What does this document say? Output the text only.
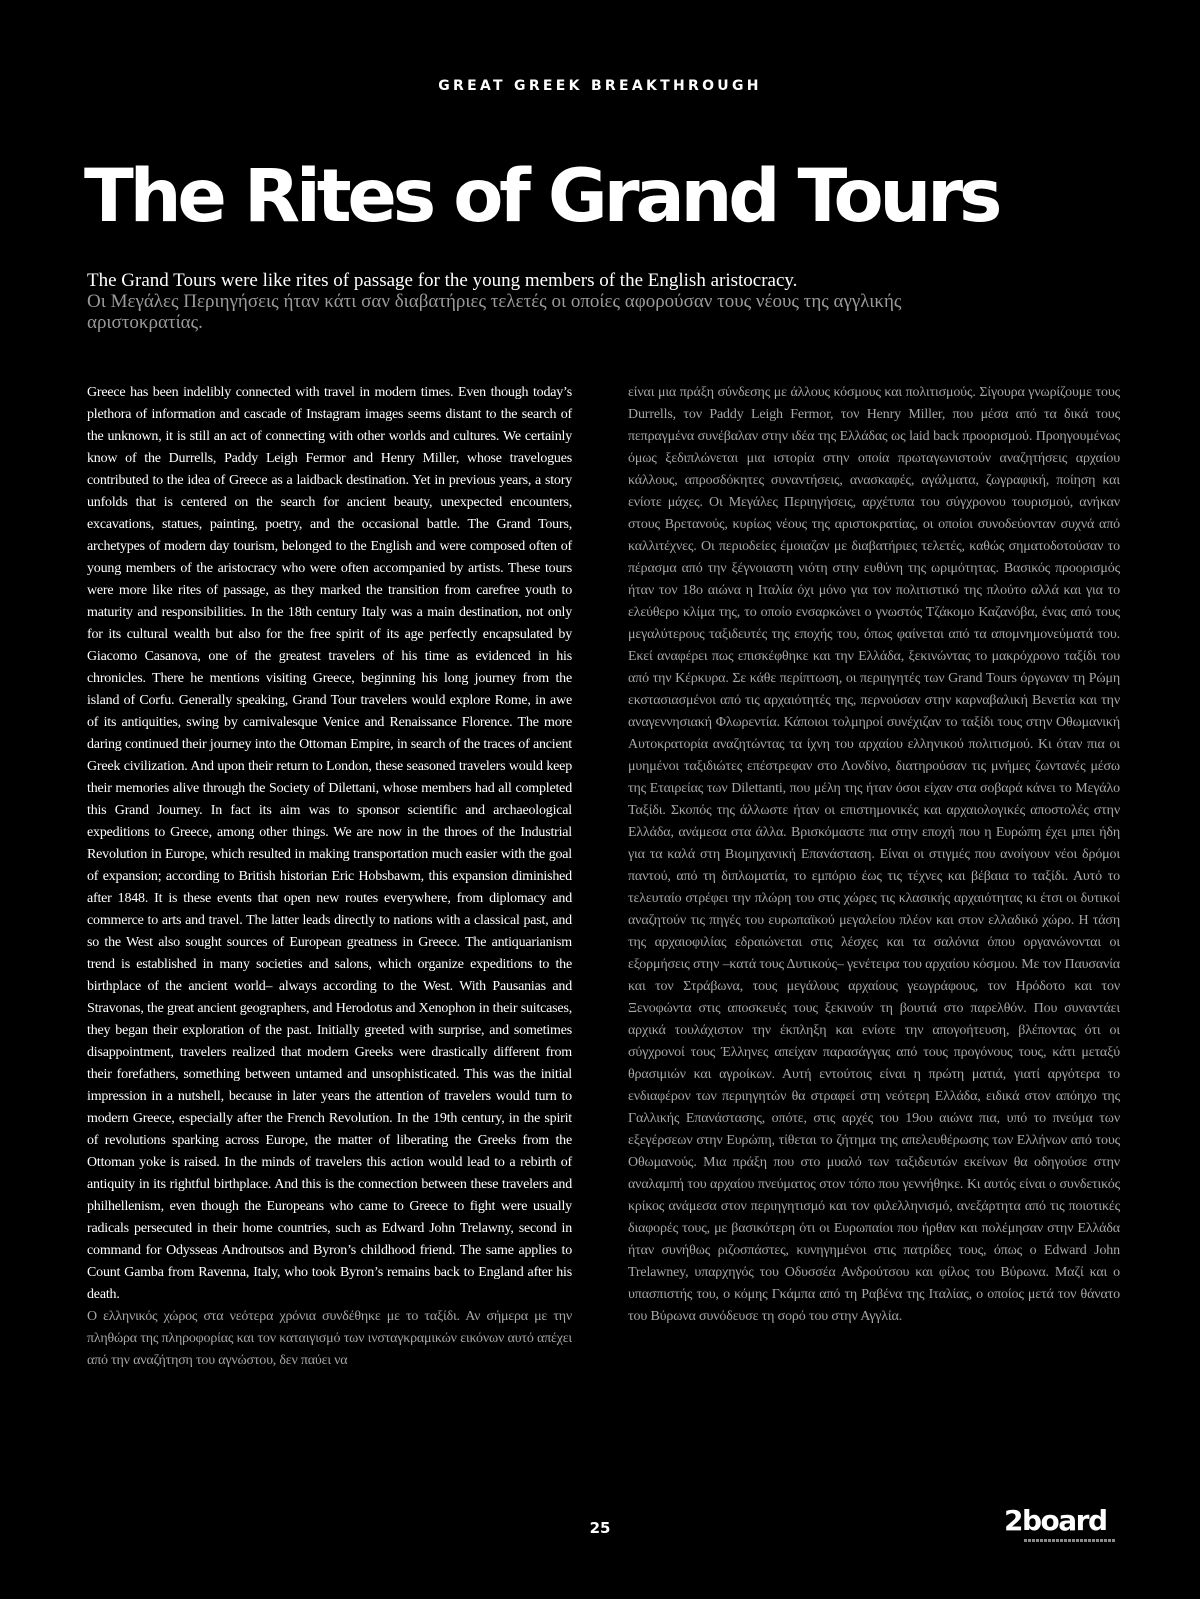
GREAT GREEK BREAKTHROUGH
The Rites of Grand Tours
The Grand Tours were like rites of passage for the young members of the English aristocracy.
Οι Μεγάλες Περιηγήσεις ήταν κάτι σαν διαβατήριες τελετές οι οποίες αφορούσαν τους νέους της αγγλικής αριστοκρατίας.

Greece has been indelibly connected with travel in modern times. Even though today’s plethora of information and cascade of Instagram images seems distant to the search of the unknown, it is still an act of connecting with other worlds and cultures. We certainly know of the Durrells, Paddy Leigh Fermor and Henry Miller, whose travelogues contributed to the idea of Greece as a laidback destination. Yet in previous years, a story unfolds that is centered on the search for ancient beauty, unexpected encounters, excavations, statues, painting, poetry, and the occasional battle. The Grand Tours, archetypes of modern day tourism, belonged to the English and were composed often of young members of the aristocracy who were often accompanied by artists. These tours were more like rites of passage, as they marked the transition from carefree youth to maturity and responsibilities. In the 18th century Italy was a main destination, not only for its cultural wealth but also for the free spirit of its age perfectly encapsulated by Giacomo Casanova, one of the greatest travelers of his time as evidenced in his chronicles. There he mentions visiting Greece, beginning his long journey from the island of Corfu. Generally speaking, Grand Tour travelers would explore Rome, in awe of its antiquities, swing by carnivalesque Venice and Renaissance Florence. The more daring continued their journey into the Ottoman Empire, in search of the traces of ancient Greek civilization. And upon their return to London, these seasoned travelers would keep their memories alive through the Society of Dilettani, whose members had all completed this Grand Journey. In fact its aim was to sponsor scientific and archaeological expeditions to Greece, among other things. We are now in the throes of the Industrial Revolution in Europe, which resulted in making transportation much easier with the goal of expansion; according to British historian Eric Hobsbawm, this expansion diminished after 1848. It is these events that open new routes everywhere, from diplomacy and commerce to arts and travel. The latter leads directly to nations with a classical past, and so the West also sought sources of European greatness in Greece. The antiquarianism trend is established in many societies and salons, which organize expeditions to the birthplace of the ancient world– always according to the West. With Pausanias and Stravonas, the great ancient geographers, and Herodotus and Xenophon in their suitcases, they began their exploration of the past. Initially greeted with surprise, and sometimes disappointment, travelers realized that modern Greeks were drastically different from their forefathers, something between untamed and unsophisticated. This was the initial impression in a nutshell, because in later years the attention of travelers would turn to modern Greece, especially after the French Revolution. In the 19th century, in the spirit of revolutions sparking across Europe, the matter of liberating the Greeks from the Ottoman yoke is raised. In the minds of travelers this action would lead to a rebirth of antiquity in its rightful birthplace. And this is the connection between these travelers and philhellenism, even though the Europeans who came to Greece to fight were usually radicals persecuted in their home countries, such as Edward John Trelawny, second in command for Odysseas Androutsos and Byron’s childhood friend. The same applies to Count Gamba from Ravenna, Italy, who took Byron’s remains back to England after his death.

Ο ελληνικός χώρος στα νεότερα χρόνια συνδέθηκε με το ταξίδι. Αν σήμερα με την πληθώρα της πληροφορίας και τον καταιγισμό των ινσταγκραμικών εικόνων αυτό απέχει από την αναζήτηση του αγνώστου, δεν παύει να

είναι μια πράξη σύνδεσης με άλλους κόσμους και πολιτισμούς. Σίγουρα γνωρίζουμε τους Durrells, τον Paddy Leigh Fermor, τον Henry Miller, που μέσα από τα δικά τους πεπραγμένα συνέβαλαν στην ιδέα της Ελλάδας ως laid back προορισμού. Προηγουμένως όμως ξεδιπλώνεται μια ιστορία στην οποία πρωταγωνιστούν αναζητήσεις αρχαίου κάλλους, απροσδόκητες συναντήσεις, ανασκαφές, αγάλματα, ζωγραφική, ποίηση και ενίοτε μάχες. Οι Μεγάλες Περιηγήσεις, αρχέτυπα του σύγχρονου τουρισμού, ανήκαν στους Βρετανούς, κυρίως νέους της αριστοκρατίας, οι οποίοι συνοδεύονταν συχνά από καλλιτέχνες. Οι περιοδείες έμοιαζαν με διαβατήριες τελετές, καθώς σηματοδοτούσαν το πέρασμα από την ξέγνοιαστη νιότη στην ευθύνη της ωριμότητας. Βασικός προορισμός ήταν τον 18ο αιώνα η Ιταλία όχι μόνο για τον πολιτιστικό της πλούτο αλλά και για το ελεύθερο κλίμα της, το οποίο ενσαρκώνει ο γνωστός Τζάκομο Καζανόβα, ένας από τους μεγαλύτερους ταξιδευτές της εποχής του, όπως φαίνεται από τα απομνημονεύματά του. Εκεί αναφέρει πως επισκέφθηκε και την Ελλάδα, ξεκινώντας το μακρόχρονο ταξίδι του από την Κέρκυρα. Σε κάθε περίπτωση, οι περιηγητές των Grand Tours όργωναν τη Ρώμη εκστασιασμένοι από τις αρχαιότητές της, περνούσαν στην καρναβαλική Βενετία και την αναγεννησιακή Φλωρεντία. Κάποιοι τολμηροί συνέχιζαν το ταξίδι τους στην Οθωμανική Αυτοκρατορία αναζητώντας τα ίχνη του αρχαίου ελληνικού πολιτισμού. Κι όταν πια οι μυημένοι ταξιδιώτες επέστρεφαν στο Λονδίνο, διατηρούσαν τις μνήμες ζωντανές μέσω της Εταιρείας των Dilettanti, που μέλη της ήταν όσοι είχαν στα σοβαρά κάνει το Μεγάλο Ταξίδι. Σκοπός της άλλωστε ήταν οι επιστημονικές και αρχαιολογικές αποστολές στην Ελλάδα, ανάμεσα στα άλλα. Βρισκόμαστε πια στην εποχή που η Ευρώπη έχει μπει ήδη για τα καλά στη Βιομηχανική Επανάσταση. Είναι οι στιγμές που ανοίγουν νέοι δρόμοι παντού, από τη διπλωματία, το εμπόριο έως τις τέχνες και βέβαια το ταξίδι. Αυτό το τελευταίο στρέφει την πλώρη του στις χώρες τις κλασικής αρχαιότητας κι έτσι οι δυτικοί αναζητούν τις πηγές του ευρωπαϊκού μεγαλείου πλέον και στον ελλαδικό χώρο. Η τάση της αρχαιοφιλίας εδραιώνεται στις λέσχες και τα σαλόνια όπου οργανώνονται οι εξορμήσεις στην –κατά τους Δυτικούς– γενέτειρα του αρχαίου κόσμου. Με τον Παυσανία και τον Στράβωνα, τους μεγάλους αρχαίους γεωγράφους, τον Ηρόδοτο και τον Ξενοφώντα στις αποσκευές τους ξεκινούν τη βουτιά στο παρελθόν. Που συναντάει αρχικά τουλάχιστον την έκπληξη και ενίοτε την απογοήτευση, βλέποντας ότι οι σύγχρονοί τους Έλληνες απείχαν παρασάγγας από τους προγόνους τους, κάτι μεταξύ θρασιμιών και αγροίκων. Αυτή εντούτοις είναι η πρώτη ματιά, γιατί αργότερα το ενδιαφέρον των περιηγητών θα στραφεί στη νεότερη Ελλάδα, ειδικά στον απόηχο της Γαλλικής Επανάστασης, οπότε, στις αρχές του 19ου αιώνα πια, υπό το πνεύμα των εξεγέρσεων στην Ευρώπη, τίθεται το ζήτημα της απελευθέρωσης των Ελλήνων από τους Οθωμανούς. Μια πράξη που στο μυαλό των ταξιδευτών εκείνων θα οδηγούσε στην αναλαμπή του αρχαίου πνεύματος στον τόπο που γεννήθηκε. Κι αυτός είναι ο συνδετικός κρίκος ανάμεσα στον περιηγητισμό και τον φιλελληνισμό, ανεξάρτητα από τις ποιοτικές διαφορές τους, με βασικότερη ότι οι Ευρωπαίοι που ήρθαν και πολέμησαν στην Ελλάδα ήταν συνήθως ριζοσπάστες, κυνηγημένοι στις πατρίδες τους, όπως ο Edward John Trelawney, υπαρχηγός του Οδυσσέα Ανδρούτσου και φίλος του Βύρωνα. Μαζί και ο υπασπιστής του, ο κόμης Γκάμπα από τη Ραβένα της Ιταλίας, ο οποίος μετά τον θάνατο του Βύρωνα συνόδευσε τη σορό του στην Αγγλία.

25	2board
